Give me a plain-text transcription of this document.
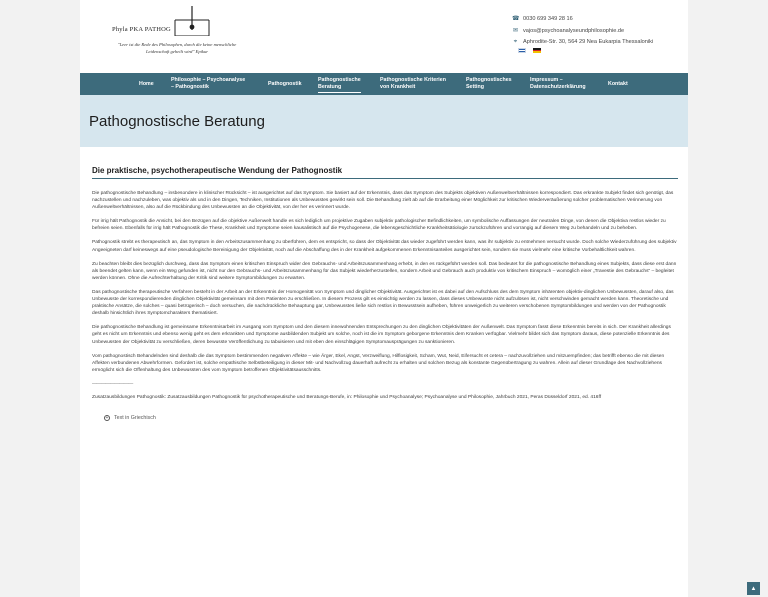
Phyla PKA PATHOG
"Leer ist die Rede des Philosophen, durch die keine menschliche Leidenschaft geheilt wird" Epikur
☎ 0030 699 349 28 16
✉ vajos@psychoanalyseundphilosophie.de
⌖	Aphrodite-Str. 30, 564 29 Nea Eukarpia Thessaloniki
Home
Philosophie – Psychoanalyse
– Pathognostik
Pathognostik
Pathognostische
Beratung
Pathognostische Kriterien
von Krankheit
Pathognostisches
Setting
Impressum –
Datenschutzerklärung
Kontakt
Pathognostische Beratung
Die praktische, psychotherapeutische Wendung der Pathognostik

Die pathognostische Behandlung – insbesondere in klinischer Rücksicht – ist ausgerichtet auf das Symptom. Sie basiert auf der Erkenntnis, dass das Symptom des Subjekts objektiven Außenweltverhältnissen korrespondiert. Das erkrankte Subjekt findet sich genötigt, das nachzustellen und nachzuleben, was objektiv als und in den Dingen, Techniken, Institutionen als Unbewusstes gewirkt sein soll. Die Behandlung zielt ab auf die Erarbeitung einer Möglichkeit zur kritischen Wiederveräußerung solcher problematischen Verinnerung von Außenweltverhältnissen, also auf die Rückbindung des Unbewussten an die Objektivität, von der her es verinnert wurde.

Für irrig hält Pathognostik die Ansicht, bei den Bezügen auf die objektive Außenwelt handle es sich lediglich um projektive Zugaben subjektiv pathologischer Befindlichkeiten, um symbolische Auffassungen der neutralen Dinge, von denen die Objektiva restlos wieder zu befreien seien. Ebenfalls für irrig hält Pathognostik die These, Krankheit und Symptome seien kausalistisch auf die Psychogenese, die lebensgeschichtliche Krankheitsätiologie zurückzuführen und vorrangig auf diesem Weg zu behandeln und zu beheben.

Pathognostik strebt es therapeutisch an, das Symptom in den Arbeitszusammenhang zu überführen, dem es entspricht, so dass der Objektivität das wieder zugeführt werden kann, was ihr subjektiv zu entnehmen versucht wurde. Doch solche Wiederzuführung des subjektiv Angeeigneten darf keineswegs auf eine pseudologische Bereinigung der Objektivität, noch auf die Abschaffung des in der Krankheit aufgekommenen Erkenntnisanteiles ausgerichtet sein, sondern sie muss vielmehr eine kritische Vorbehaltlichkeit wahren.

Zu beachten bleibt dies bezüglich durchweg, dass das Symptom einen kritischen Einspruch wider den Gebrauchs- und Arbeitszusammenhang erhebt, in den es rückgeführt werden soll. Das bedeutet für die pathognostische Behandlung eines Subjekts, dass diese erst dann als beendet gelten kann, wenn ein Weg gefunden ist, nicht nur den Gebrauchs- und Arbeitszusammenhang für das Subjekt wiederherzustellen, sondern Arbeit und Gebrauch auch produktiv von kritischem Einspruch – womöglich einer „Travestie des Gebrauchs“ – begleitet werden können. Ohne die Aufrechterhaltung der Kritik sind weitere Symptombildungen zu erwarten.

Das pathognostische therapeutische Verfahren besteht in der Arbeit an der Erkenntnis der Homogenität von Symptom und dinglicher Objektivität. Ausgerichtet ist es dabei auf den Aufschluss des dem Symptom inhärenten objektiv-dinglichen Unbewussten, darauf also, das Unbewusste der korrespondierenden dinglichen Objektivität gemeinsam mit dem Patienten zu erschließen. In diesem Prozess gilt es einsichtig werden zu lassen, dass dieses Unbewusste nicht aufzulösen ist, nicht verschwinden gemacht werden kann. Theoretische und praktische Ansätze, die solches – quasi betrügerisch – doch versuchen, die nachdrückliche Behauptung gar, Unbewusstes ließe sich restlos in Bewusstsein aufheben, führen unweigerlich zu weiteren verschobenen Symptombildungen und werden von der Pathognostik deshalb hinsichtlich ihres Symptomcharakters thematisiert.

Die pathognostische Behandlung ist gemeinsame Erkenntnisarbeit im Ausgang vom Symptom und den diesem innewohnenden Entsprechungen zu den dinglichen Objektivitäten der Außenwelt. Das Symptom fasst diese Erkenntnis bereits in sich. Der Krankheit allerdings geht es nicht um Erkenntnis und ebenso wenig geht es dem erkrankten und Symptome ausbildenden Subjekt um solche, noch ist die im Symptom geborgene Erkenntnis dem Kranken verfügbar. Vielmehr bildet sich das Symptom daraus, diese potenzielle Erkenntnis des Unbewussten der Objektivität zu verschließen, deren bewusste Veröffentlichung zu tabuisieren und mit eben den einschlägigen Symptomausprägungen zu sanktionieren.

Vom pathognostisch Behandelnden sind deshalb die das Symptom bestimmenden negativen Affekte – wie Ärger, Ekel, Angst, Verzweiflung, Hilflosigkeit, Scham, Wut, Neid, Eifersucht et cetera – nachzuvollziehen und mitzuempfinden; das betrifft ebenso die mit diesen Affekten verbundenen Abwehrformen. Gefordert ist, solche empathische Selbstbeteiligung in dieser Mit- und Nachvollzug dauerhaft aufrecht zu erhalten und solchen Bezug als konstante Gegenübertragung zu wahren. Allein auf dieser Grundlage des Nachvollziehens ermöglicht sich die Offenhaltung des Unbewussten des vom Symptom betroffenen Objektivitätsausschnitts.

—————————

Zusatzausbildungen Pathognostik: Zusatzausbildungen Pathognostik für psychotherapeutische und Beratungs-Berufe, in: Philosophie und Psychoanalyse; Psychoanalyse und Philosophie, Jahrbuch 2021, Peras Düsseldorf 2021, ed. 416ff

+ Text in Griechisch
▲
